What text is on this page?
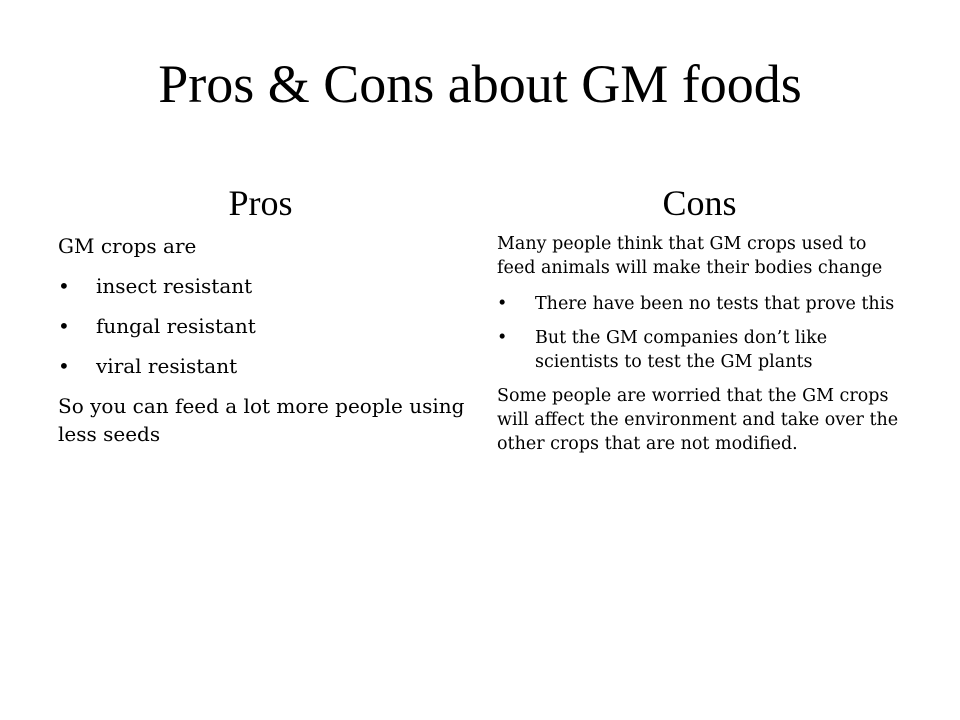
Pros & Cons about GM foods
Pros

GM crops are

• insect resistant
• fungal resistant
• viral resistant

So you can feed a lot more people using less seeds

Cons

Many people think that GM crops used to feed animals will make their bodies change

• There have been no tests that prove this
• But the GM companies don’t like scientists to test the GM plants

Some people are worried that the GM crops will affect the environment and take over the other crops that are not modified.
